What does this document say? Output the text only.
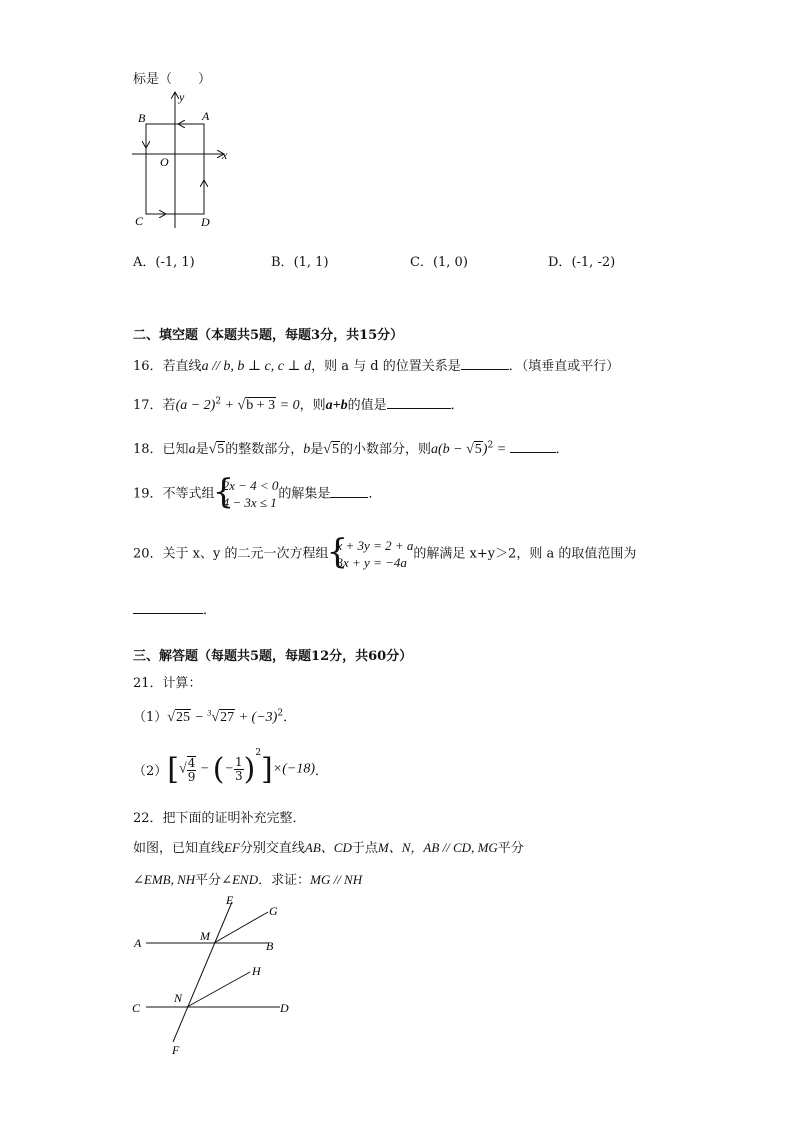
标是（　　）
y
x
O
A
B
C	D
A．(-1, 1)	B．(1, 1)	C．(1, 0)	D．(-1, -2)
二、填空题（本题共5题，每题3分，共15分）
16．若直线a // b, b ⊥ c, c ⊥ d，则 a 与 d 的位置关系是	．（填垂直或平行）
17．若$(a - 2)^2 + √b + 3 = 0$，则a+b的值是	．
18．已知a是√5的整数部分，b是√5的小数部分，则$a(b - √5)^2$ =	．
19．不等式组
{ 2x − 4 < 0
4 − 3x ≤ 1
的解集是	．
20．关于 x、y 的二元一次方程组
{ x + 3y = 2 + a
3x + y = −4a
的解满足 x+y＞2，则 a 的取值范围为
．
三、解答题（每题共5题，每题12分，共60分）
21．计算：
$(1)√25 - ^3√27 + (-3)^2$．
$(2)[√ \frac{4}{9}$ − (− $\frac{1}{3} )^2]\times(-18)$．
22．把下面的证明补充完整．
如图，已知直线EF分别交直线AB、CD于点M、N，AB // CD, MG平分
∠EMB, NH平分∠END．求证：MG // NH
E
G
A	M
B
H
C
N
D
F
